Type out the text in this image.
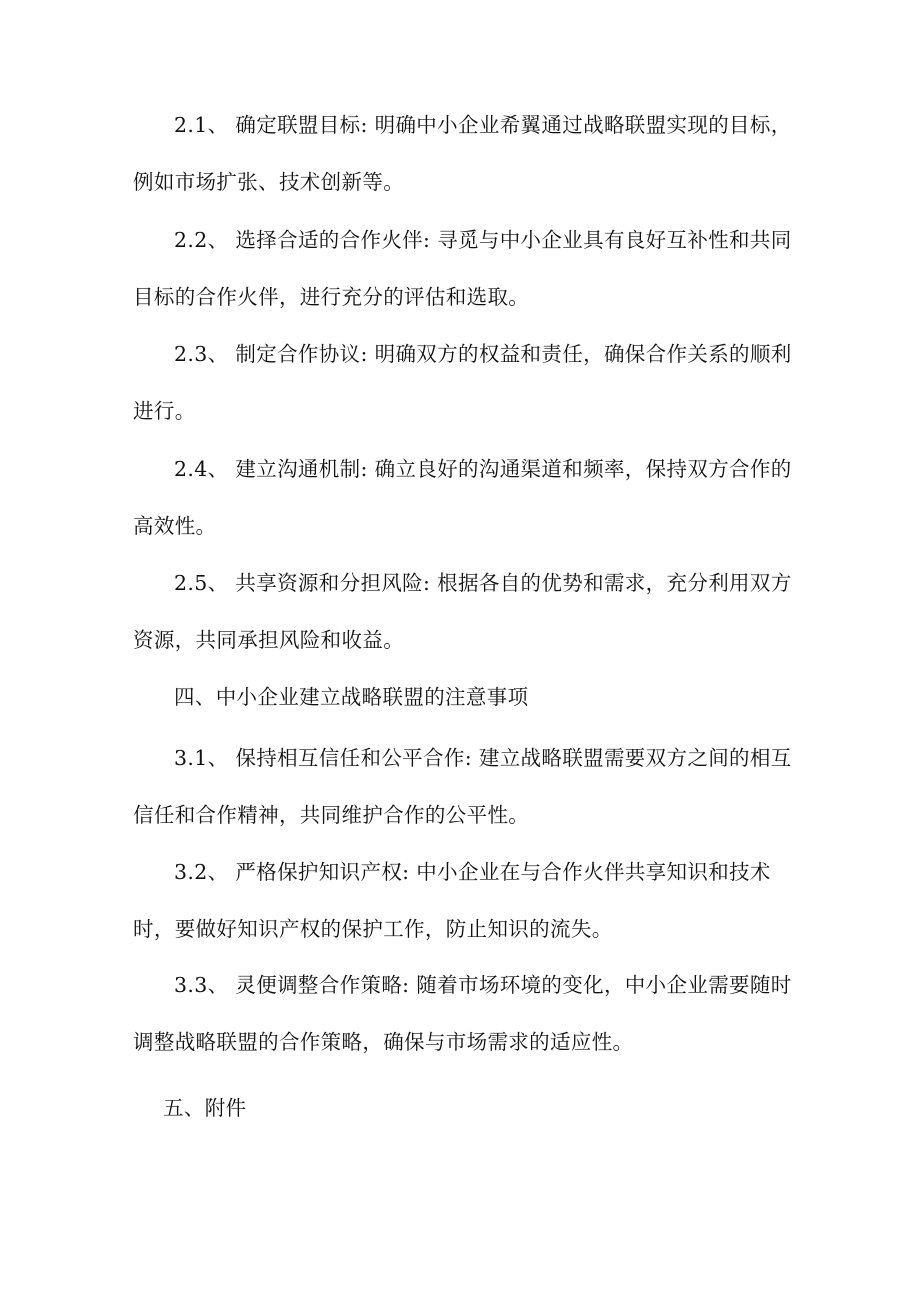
2.1、 确定联盟目标: 明确中小企业希翼通过战略联盟实现的目标，例如市场扩张、技术创新等。

2.2、 选择合适的合作火伴: 寻觅与中小企业具有良好互补性和共同目标的合作火伴，进行充分的评估和选取。

2.3、 制定合作协议: 明确双方的权益和责任，确保合作关系的顺利进行。

2.4、 建立沟通机制: 确立良好的沟通渠道和频率，保持双方合作的高效性。

2.5、 共享资源和分担风险: 根据各自的优势和需求，充分利用双方资源，共同承担风险和收益。

四、中小企业建立战略联盟的注意事项

3.1、 保持相互信任和公平合作: 建立战略联盟需要双方之间的相互信任和合作精神，共同维护合作的公平性。

3.2、 严格保护知识产权: 中小企业在与合作火伴共享知识和技术时，要做好知识产权的保护工作，防止知识的流失。

3.3、 灵便调整合作策略: 随着市场环境的变化，中小企业需要随时调整战略联盟的合作策略，确保与市场需求的适应性。

五、附件
